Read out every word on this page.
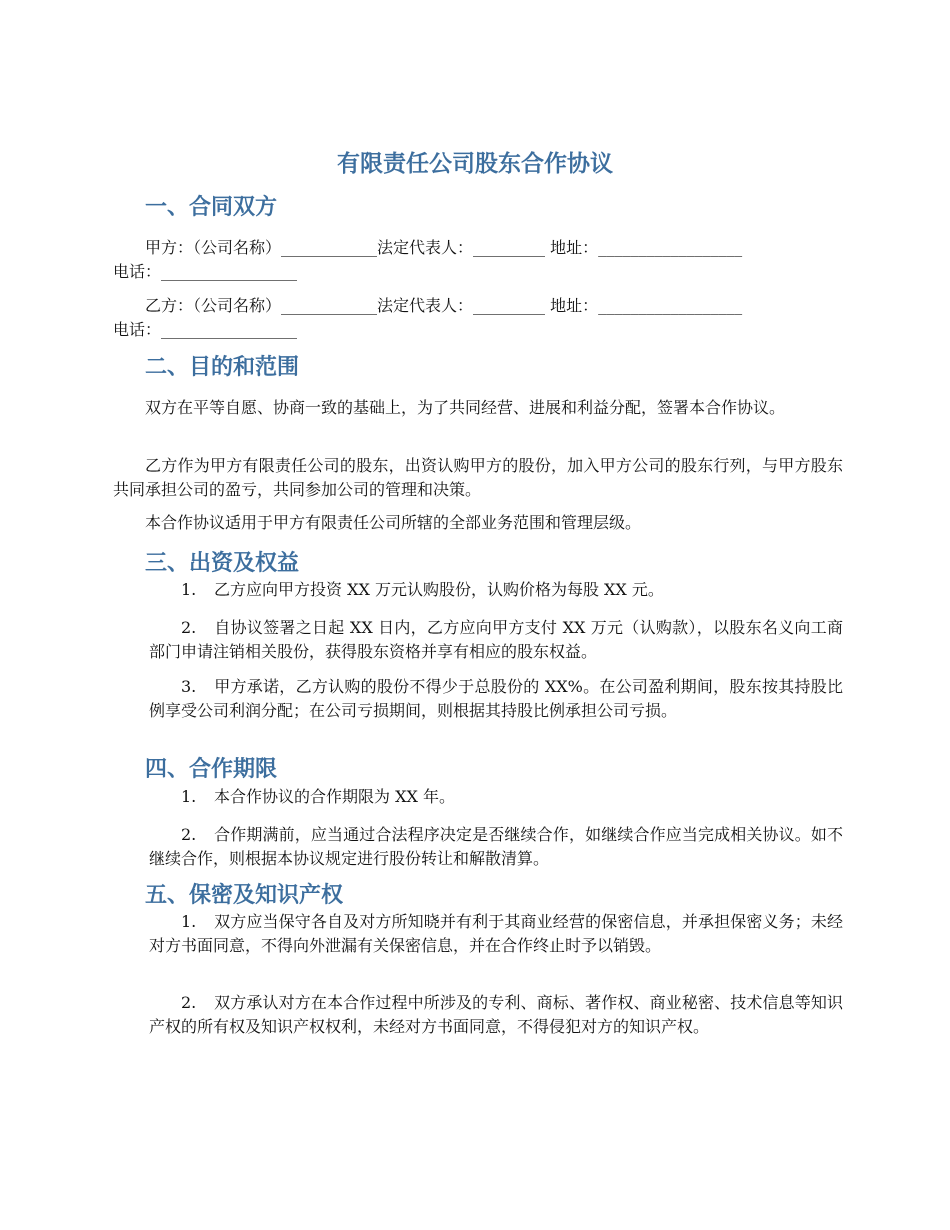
有限责任公司股东合作协议
一、合同双方

甲方：（公司名称）____________法定代表人：_________ 地址：__________________
电话：_________________

乙方：（公司名称）____________法定代表人：_________ 地址：__________________
电话：_________________

二、目的和范围

双方在平等自愿、协商一致的基础上，为了共同经营、进展和利益分配，签署本合作协议。

乙方作为甲方有限责任公司的股东，出资认购甲方的股份，加入甲方公司的股东行列，与甲方股东共同承担公司的盈亏，共同参加公司的管理和决策。

本合作协议适用于甲方有限责任公司所辖的全部业务范围和管理层级。

三、出资及权益

1. 乙方应向甲方投资 XX 万元认购股份，认购价格为每股 XX 元。

2. 自协议签署之日起 XX 日内，乙方应向甲方支付 XX 万元（认购款），以股东名义向工商部门申请注销相关股份，获得股东资格并享有相应的股东权益。

3. 甲方承诺，乙方认购的股份不得少于总股份的 XX%。在公司盈利期间，股东按其持股比例享受公司利润分配；在公司亏损期间，则根据其持股比例承担公司亏损。

四、合作期限

1. 本合作协议的合作期限为 XX 年。

2. 合作期满前，应当通过合法程序决定是否继续合作，如继续合作应当完成相关协议。如不继续合作，则根据本协议规定进行股份转让和解散清算。

五、保密及知识产权

1. 双方应当保守各自及对方所知晓并有利于其商业经营的保密信息，并承担保密义务；未经对方书面同意，不得向外泄漏有关保密信息，并在合作终止时予以销毁。

2. 双方承认对方在本合作过程中所涉及的专利、商标、著作权、商业秘密、技术信息等知识产权的所有权及知识产权权利，未经对方书面同意，不得侵犯对方的知识产权。
